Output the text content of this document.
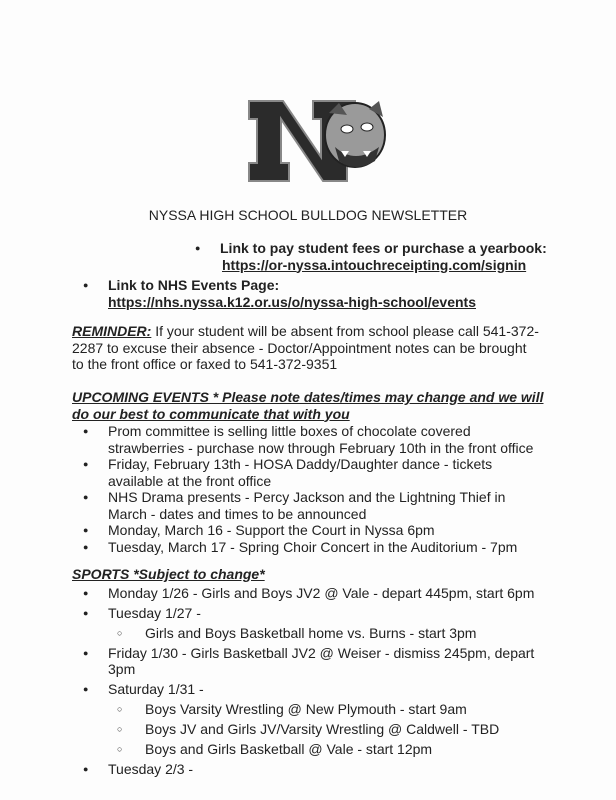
NYSSA HIGH SCHOOL BULLDOG NEWSLETTER
● Link to pay student fees or purchase a yearbook:
https://or-nyssa.intouchreceipting.com/signin
● Link to NHS Events Page:
https://nhs.nyssa.k12.or.us/o/nyssa-high-school/events
REMINDER: If your student will be absent from school please call 541-372-2287 to excuse their absence - Doctor/Appointment notes can be brought to the front office or faxed to 541-372-9351
UPCOMING EVENTS * Please note dates/times may change and we will do our best to communicate that with you
● Prom committee is selling little boxes of chocolate covered strawberries - purchase now through February 10th in the front office
● Friday, February 13th - HOSA Daddy/Daughter dance - tickets available at the front office
● NHS Drama presents - Percy Jackson and the Lightning Thief in March - dates and times to be announced
● Monday, March 16 - Support the Court in Nyssa 6pm
● Tuesday, March 17 - Spring Choir Concert in the Auditorium - 7pm
SPORTS *Subject to change*
● Monday 1/26 - Girls and Boys JV2 @ Vale - depart 445pm, start 6pm
● Tuesday 1/27 -
○ Girls and Boys Basketball home vs. Burns - start 3pm
● Friday 1/30 - Girls Basketball JV2 @ Weiser - dismiss 245pm, depart 3pm
● Saturday 1/31 -
○ Boys Varsity Wrestling @ New Plymouth - start 9am
○ Boys JV and Girls JV/Varsity Wrestling @ Caldwell - TBD
○ Boys and Girls Basketball @ Vale - start 12pm
● Tuesday 2/3 -
